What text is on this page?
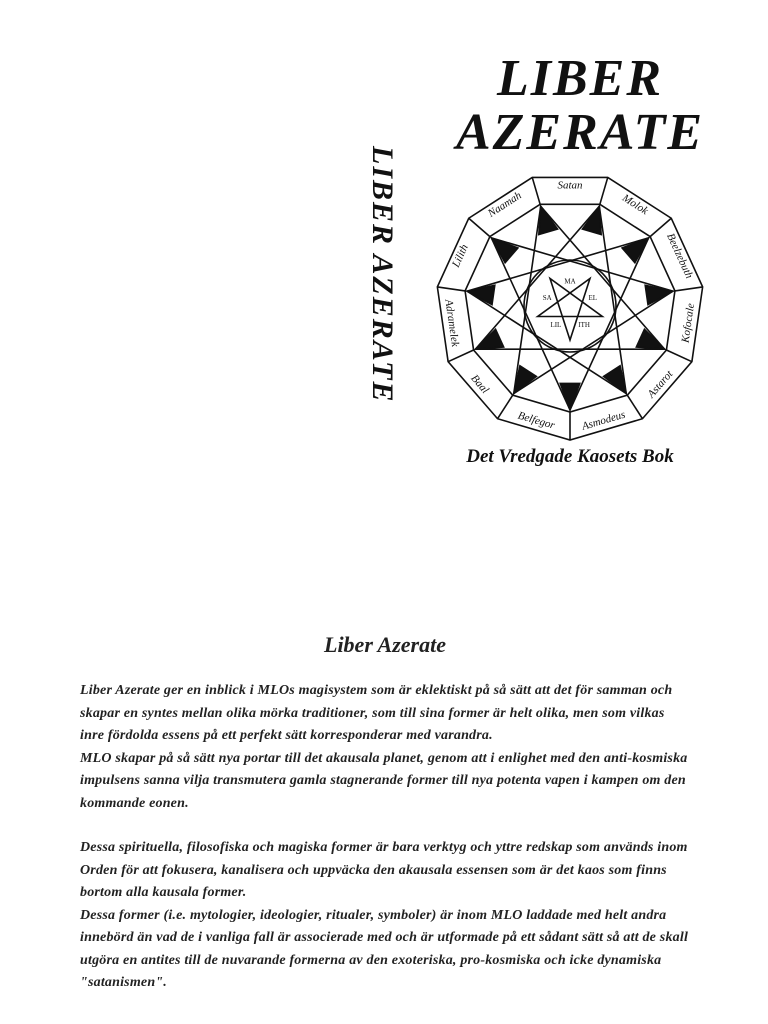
LIBER AZERATE
LIBER
AZERATE
Satan
Molok
Beelzebuth
Kofocale
Astarot
Asmodeus
Belfegor
Baal
Adramelek
Lilith
Naamah
MA
EL
ITH
LIL
SA
Det Vredgade Kaosets Bok
Liber Azerate

Liber Azerate ger en inblick i MLOs magisystem som är eklektiskt på så sätt att det för samman och skapar en syntes mellan olika mörka traditioner, som till sina former är helt olika, men som vilkas inre fördolda essens på ett perfekt sätt korresponderar med varandra.

MLO skapar på så sätt nya portar till det akausala planet, genom att i enlighet med den anti-kosmiska impulsens sanna vilja transmutera gamla stagnerande former till nya potenta vapen i kampen om den kommande eonen.

Dessa spirituella, filosofiska och magiska former är bara verktyg och yttre redskap som används inom Orden för att fokusera, kanalisera och uppväcka den akausala essensen som är det kaos som finns bortom alla kausala former.

Dessa former (i.e. mytologier, ideologier, ritualer, symboler) är inom MLO laddade med helt andra innebörd än vad de i vanliga fall är associerade med och är utformade på ett sådant sätt så att de skall utgöra en antites till de nuvarande formerna av den exoteriska, pro-kosmiska och icke dynamiska "satanismen".
